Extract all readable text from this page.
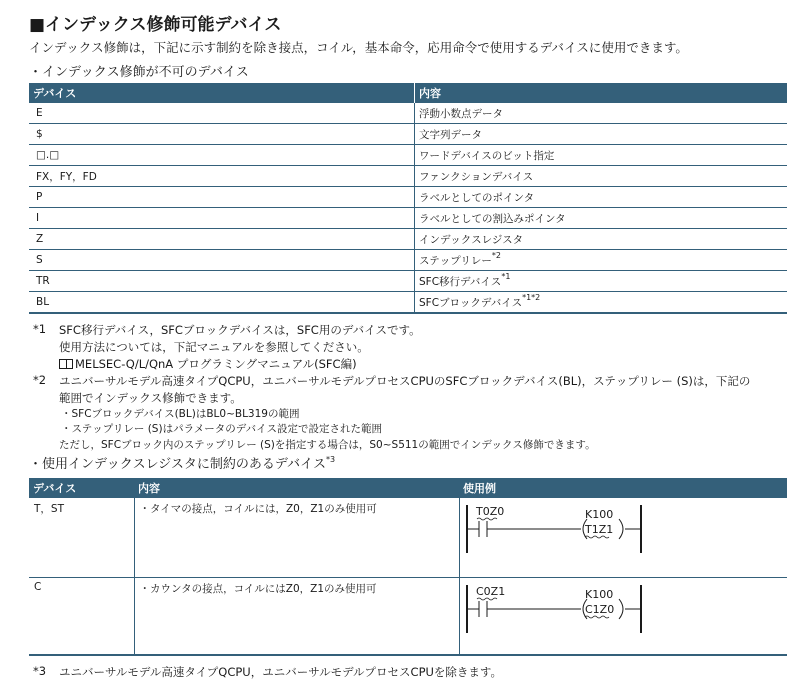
■インデックス修飾可能デバイス
インデックス修飾は，下記に示す制約を除き接点，コイル，基本命令，応用命令で使用するデバイスに使用できます。
・インデックス修飾が不可のデバイス
デバイス	内容
E	浮動小数点データ
$	文字列データ
□.□	ワードデバイスのビット指定
FX，FY，FD	ファンクションデバイス
P	ラベルとしてのポインタ
I	ラベルとしての割込みポインタ
Z	インデックスレジスタ
S	ステップリレー$^{*2}$
TR	SFC移行デバイス$^{*1}$
BL	SFCブロックデバイス$^{*1*2}$
*1 SFC移行デバイス，SFCブロックデバイスは，SFC用のデバイスです。
使用方法については，下記マニュアルを参照してください。
MELSEC-Q/L/QnA プログラミングマニュアル(SFC編)
*2 ユニバーサルモデル高速タイプQCPU，ユニバーサルモデルプロセスCPUのSFCブロックデバイス(BL)，ステップリレー (S)は，下記の
範囲でインデックス修飾できます。
・SFCブロックデバイス(BL)はBL0~BL319の範囲
・ステップリレー (S)はパラメータのデバイス設定で設定された範囲
ただし，SFCブロック内のステップリレー (S)を指定する場合は，S0~S511の範囲でインデックス修飾できます。
・使用インデックスレジスタに制約のあるデバイス$^{*3}$
デバイス	内容	使用例
T，ST	・タイマの接点，コイルには，Z0，Z1のみ使用可	T0Z0 K100
T1Z1

C	・カウンタの接点，コイルにはZ0，Z1のみ使用可	C0Z1 K100
C1Z0
*3 ユニバーサルモデル高速タイプQCPU，ユニバーサルモデルプロセスCPUを除きます。
